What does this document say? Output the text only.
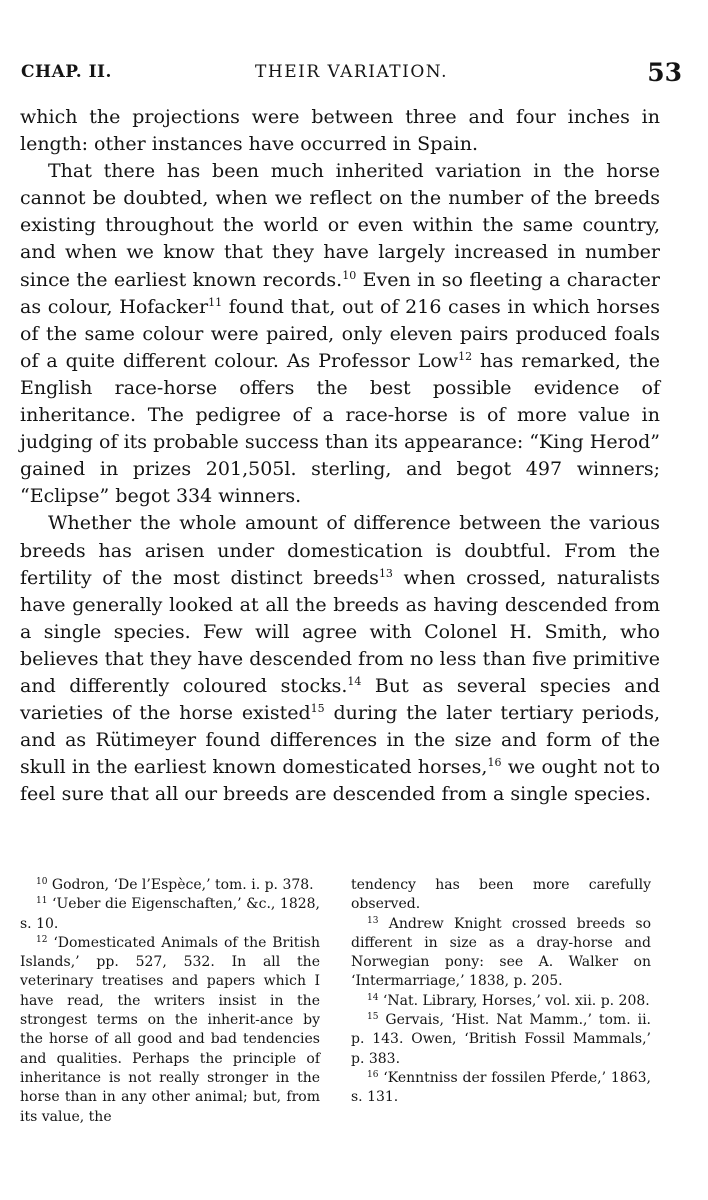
CHAP. II.	THEIR VARIATION.	53

which the projections were between three and four inches in length: other instances have occurred in Spain.

That there has been much inherited variation in the horse cannot be doubted, when we reflect on the number of the breeds existing throughout the world or even within the same country, and when we know that they have largely increased in number since the earliest known records.$^{10}$ Even in so fleeting a character as colour, Hofacker$^{11}$ found that, out of 216 cases in which horses of the same colour were paired, only eleven pairs produced foals of a quite different colour. As Professor Low$^{12}$ has remarked, the English race-horse offers the best possible evidence of inheritance. The pedigree of a race-horse is of more value in judging of its probable success than its appearance: “King Herod” gained in prizes 201,505l. sterling, and begot 497 winners; “Eclipse” begot 334 winners.

Whether the whole amount of difference between the various breeds has arisen under domestication is doubtful. From the fertility of the most distinct breeds$^{13}$ when crossed, naturalists have generally looked at all the breeds as having descended from a single species. Few will agree with Colonel H. Smith, who believes that they have descended from no less than five primitive and differently coloured stocks.$^{14}$ But as several species and varieties of the horse existed$^{15}$ during the later tertiary periods, and as Rütimeyer found differences in the size and form of the skull in the earliest known domesticated horses,$^{16}$ we ought not to feel sure that all our breeds are descended from a single species.

$^{10}$ Godron, ‘De l’Espèce,’ tom. i. p. 378.

$^{11}$ ‘Ueber die Eigenschaften,’ &c., 1828, s. 10.

$^{12}$ ‘Domesticated Animals of the British Islands,’ pp. 527, 532. In all the veterinary treatises and papers which I have read, the writers insist in the strongest terms on the inherit-ance by the horse of all good and bad tendencies and qualities. Perhaps the principle of inheritance is not really stronger in the horse than in any other animal; but, from its value, the

tendency has been more carefully observed.

$^{13}$ Andrew Knight crossed breeds so different in size as a dray-horse and Norwegian pony: see A. Walker on ‘Intermarriage,’ 1838, p. 205.

$^{14}$ ‘Nat. Library, Horses,’ vol. xii. p. 208.

$^{15}$ Gervais, ‘Hist. Nat Mamm.,’ tom. ii. p. 143. Owen, ‘British Fossil Mammals,’ p. 383.

$^{16}$ ‘Kenntniss der fossilen Pferde,’ 1863, s. 131.
